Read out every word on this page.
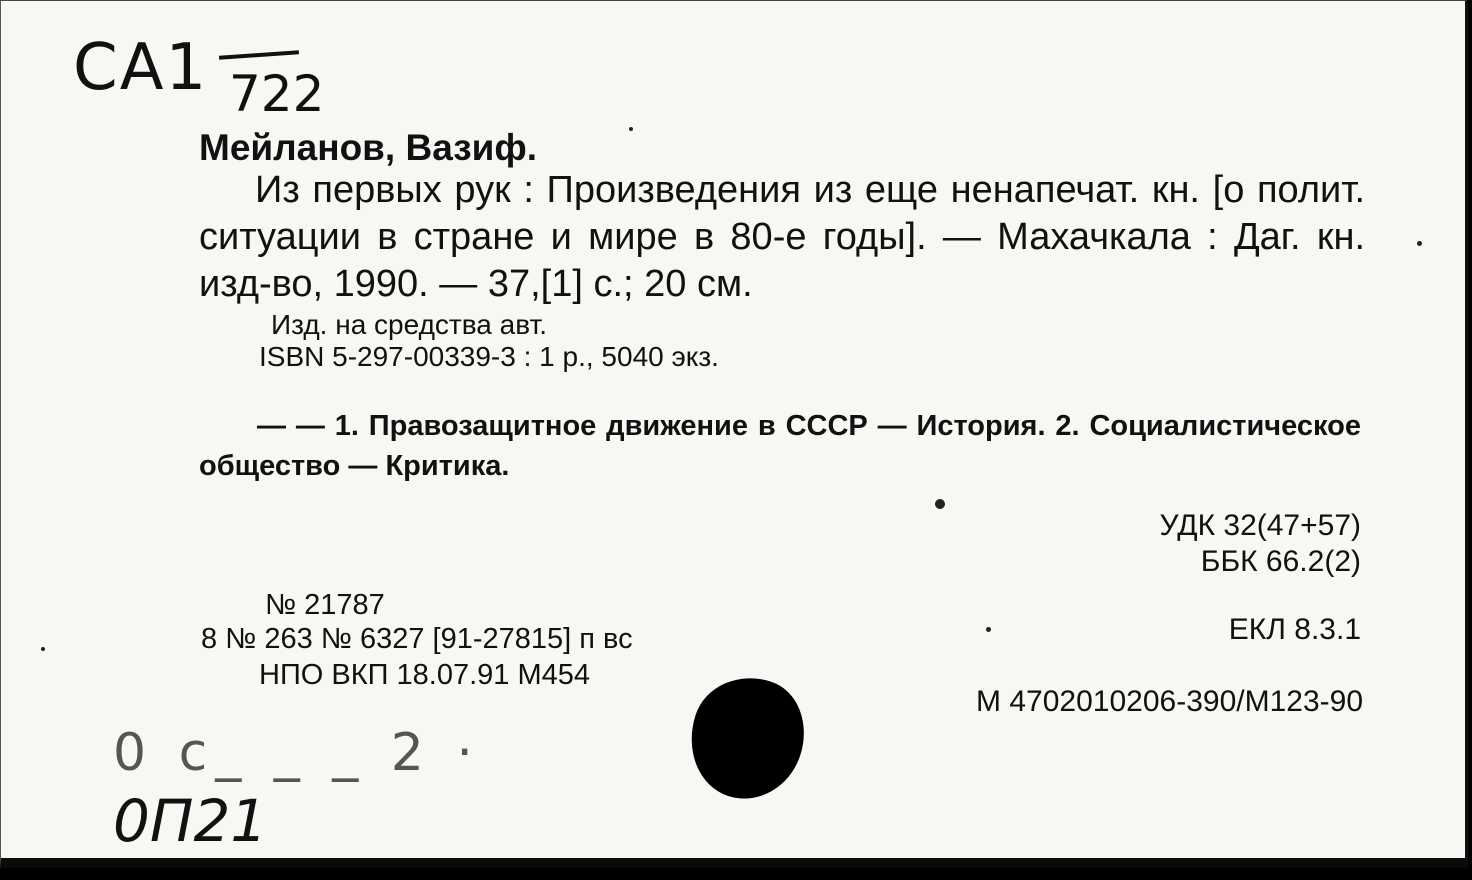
CA1 722
Мейланов, Вазиф.
Из первых рук : Произведения из еще ненапечат. кн. [о полит. ситуации в стране и мире в 80-е годы]. — Махачкала : Даг. кн. изд-во, 1990. — 37,[1] с.; 20 см.
Изд. на средства авт.
ISBN 5-297-00339-3 : 1 р., 5040 экз.
— — 1. Правозащитное движение в СССР — История. 2. Социалистическое общество — Критика.
УДК 32(47+57)
ББК 66.2(2)
ЕКЛ 8.3.1
М 4702010206-390/М123-90
№ 21787
8 № 263 № 6327 [91-27815] п вс
НПО ВКП 18.07.91 М454
0 c_ _ _ 2 ·
0П21
